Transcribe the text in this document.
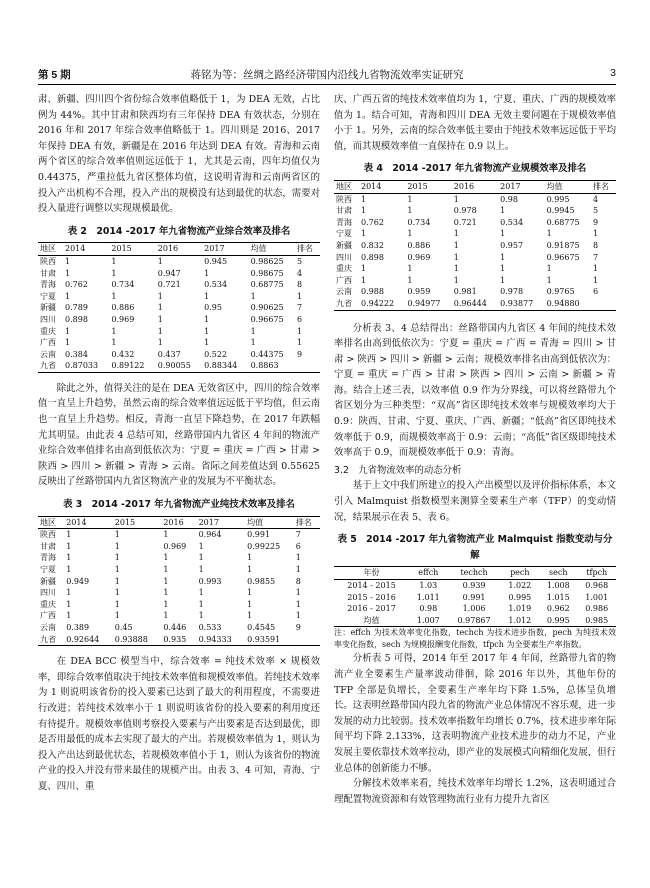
第 5 期	蒋铭为等：丝绸之路经济带国内沿线九省物流效率实证研究	3

肃、新疆、四川四个省份综合效率值略低于 1，为 DEA 无效，占比例为 44%。其中甘肃和陕西均有三年保持 DEA 有效状态，分别在 2016 年和 2017 年综合效率值略低于 1。四川则是 2016、2017 年保持 DEA 有效，新疆是在 2016 年达到 DEA 有效。青海和云南两个省区的综合效率值则远远低于 1，尤其是云南，四年均值仅为 0.44375，严重拉低九省区整体均值，这说明青海和云南两省区的投入产出机构不合理，投入产出的规模没有达到最优的状态，需要对投入量进行调整以实现规模最优。

表 2　2014 -2017 年九省物流产业综合效率及排名
地区	2014	2015	2016	2017	均值	排名
陕西	1	1	1	0.945	0.98625	5
甘肃	1	1	0.947	1	0.98675	4
青海	0.762	0.734	0.721	0.534	0.68775	8
宁夏	1	1	1	1	1	1
新疆	0.789	0.886	1	0.95	0.90625	7
四川	0.898	0.969	1	1	0.96675	6
重庆	1	1	1	1	1	1
广西	1	1	1	1	1	1
云南	0.384	0.432	0.437	0.522	0.44375	9
九省	0.87033	0.89122	0.90055	0.88344	0.8863	

除此之外，值得关注的是在 DEA 无效省区中，四川的综合效率值一直呈上升趋势，虽然云南的综合效率值远远低于平均值，但云南也一直呈上升趋势。相反，青海一直呈下降趋势，在 2017 年跌幅尤其明显。由此表 4 总结可知，丝路带国内九省区 4 年间的物流产业综合效率值排名由高到低依次为：宁夏 = 重庆 = 广西 > 甘肃 > 陕西 > 四川 > 新疆 > 青海 > 云南。省际之间差值达到 0.55625 反映出了丝路带国内九省区物流产业的发展为不平衡状态。

表 3　2014 -2017 年九省物流产业纯技术效率及排名
地区	2014	2015	2016	2017	均值	排名
陕西	1	1	1	0.964	0.991	7
甘肃	1	1	0.969	1	0.99225	6
青海	1	1	1	1	1	1
宁夏	1	1	1	1	1	1
新疆	0.949	1	1	0.993	0.9855	8
四川	1	1	1	1	1	1
重庆	1	1	1	1	1	1
广西	1	1	1	1	1	1
云南	0.389	0.45	0.446	0.533	0.4545	9
九省	0.92644	0.93888	0.935	0.94333	0.93591	

在 DEA BCC 模型当中，综合效率 = 纯技术效率 × 规模效率，即综合效率值取决于纯技术效率值和规模效率值。若纯技术效率为 1 则说明该省份的投入要素已达到了最大的利用程度，不需要进行改进；若纯技术效率小于 1 则说明该省份的投入要素的利用度还有待提升。规模效率值则考察投入要素与产出要素是否达到最优，即是否用最低的成本去实现了最大的产出。若规模效率值为 1，则认为投入产出达到最优状态，若规模效率值小于 1，则认为该省份的物流产业的投入并没有带来最佳的规模产出。由表 3、4 可知，青海、宁夏、四川、重

庆、广西五省的纯技术效率值均为 1，宁夏、重庆、广西的规模效率值为 1。结合可知，青海和四川 DEA 无效主要问题在于规模效率值小于 1。另外，云南的综合效率低主要由于纯技术效率远远低于平均值，而其规模效率值一直保持在 0.9 以上。

表 4　2014 -2017 年九省物流产业规模效率及排名
地区	2014	2015	2016	2017	均值	排名
陕西	1	1	1	0.98	0.995	4
甘肃	1	1	0.978	1	0.9945	5
青海	0.762	0.734	0.721	0.534	0.68775	9
宁夏	1	1	1	1	1	1
新疆	0.832	0.886	1	0.957	0.91875	8
四川	0.898	0.969	1	1	0.96675	7
重庆	1	1	1	1	1	1
广西	1	1	1	1	1	1
云南	0.988	0.959	0.981	0.978	0.9765	6
九省	0.94222	0.94977	0.96444	0.93877	0.94880	

分析表 3、4 总结得出：丝路带国内九省区 4 年间的纯技术效率排名由高到低依次为：宁夏 = 重庆 = 广西 = 青海 = 四川 > 甘肃 > 陕西 > 四川 > 新疆 > 云南；规模效率排名由高到低依次为：宁夏 = 重庆 = 广西 > 甘肃 > 陕西 > 四川 > 云南 > 新疆 > 青海。结合上述三表，以效率值 0.9 作为分界线，可以将丝路带九个省区划分为三种类型：“双高”省区即纯技术效率与规模效率均大于 0.9：陕西、甘肃、宁夏、重庆、广西、新疆；“低高”省区即纯技术效率低于 0.9，而规模效率高于 0.9：云南；“高低”省区级即纯技术效率高于 0.9，而规模效率低于 0.9：青海。

3.2　九省物流效率的动态分析

基于上文中我们所建立的投入产出模型以及评价指标体系，本文引入 Malmquist 指数模型来测算全要素生产率（TFP）的变动情况，结果展示在表 5、表 6。

表 5　2014 -2017 年九省物流产业 Malmquist 指数变动与分解
年份	effch	techch	pech	sech	tfpch
2014 - 2015	1.03	0.939	1.022	1.008	0.968
2015 - 2016	1.011	0.991	0.995	1.015	1.001
2016 - 2017	0.98	1.006	1.019	0.962	0.986
均值	1.007	0.97867	1.012	0.995	0.985

注：effch 为技术效率变化指数，techch 为技术进步指数，pech 为纯技术效率变化指数，sech 为规模报酬变化指数，tfpch 为全要素生产率指数。

分析表 5 可得，2014 年至 2017 年 4 年间，丝路带九省的物流产业全要素生产量率波动徘徊，除 2016 年以外，其他年份的 TFP 全部是负增长，全要素生产率年均下降 1.5%，总体呈负增长。这表明丝路带国内段九省的物流产业总体情况不容乐观，进一步发展的动力比较弱。技术效率指数年均增长 0.7%，技术进步率年际间平均下降 2.133%，这表明物流产业技术进步的动力不足，产业发展主要依靠技术效率拉动，即产业的发展模式向精细化发展，但行业总体的创新能力不够。

分解技术效率来看，纯技术效率年均增长 1.2%，这表明通过合理配置物流资源和有效管理物流行业有力提升九省区
